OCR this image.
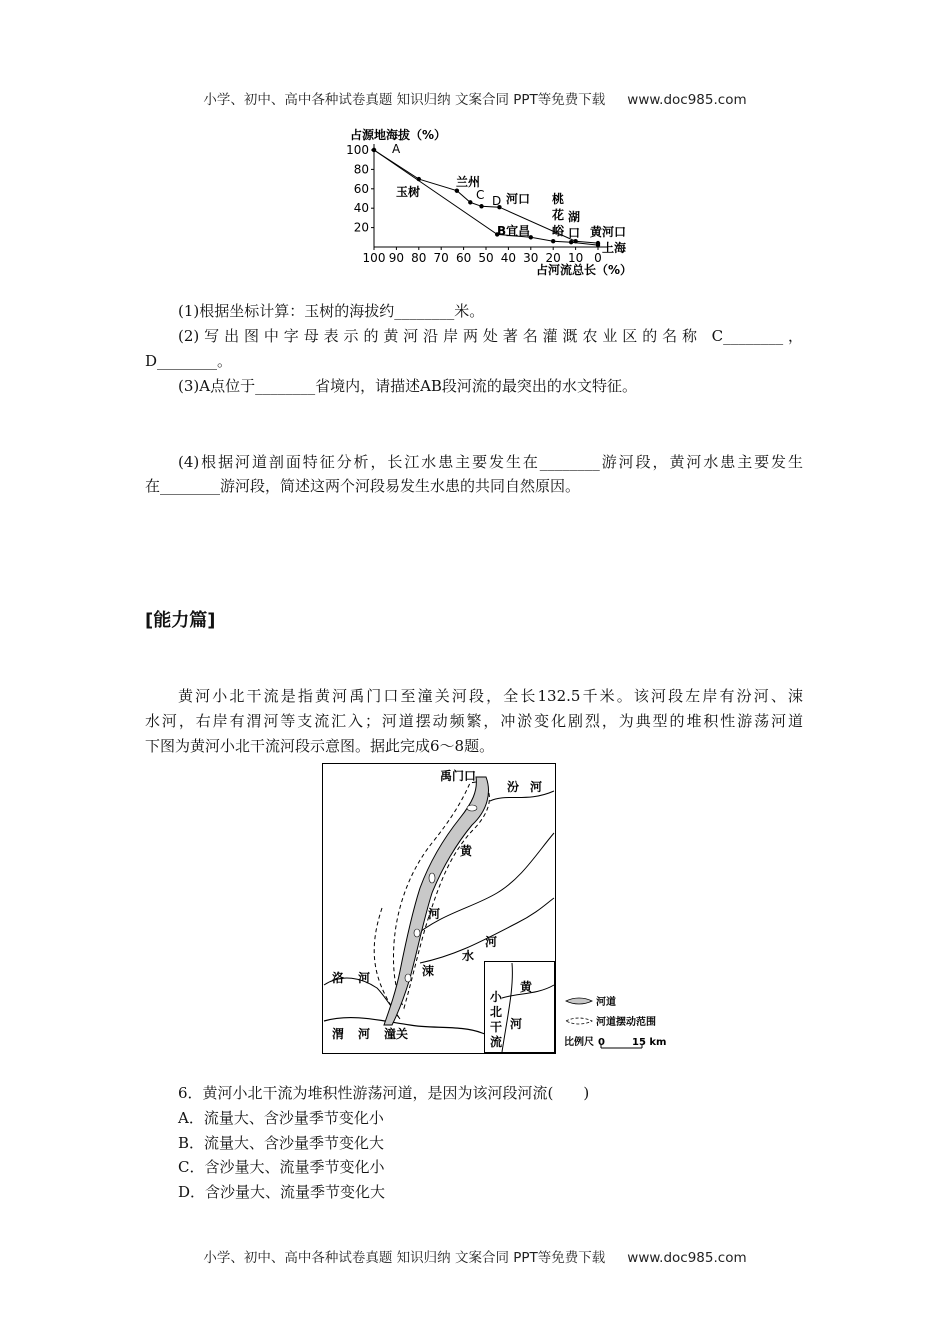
小学、初中、高中各种试卷真题 知识归纳 文案合同 PPT等免费下载 www.doc985.com
占源地海拔（%）
100
80
60
40
20
100 90 80 70 60 50 40 30 20 10 0
A
玉树
兰州
C D 河口 桃
花
峪
湖
口
B宜昌	黄河口
上海
占河流总长（%）
(1)根据坐标计算：玉树的海拔约________米。
(2)写出图中字母表示的黄河沿岸两处著名灌溉农业区的名称 C________，
D________。
(3)A点位于________省境内，请描述AB段河流的最突出的水文特征。
(4)根据河道剖面特征分析，长江水患主要发生在________游河段，黄河水患主要发生
在________游河段，简述这两个河段易发生水患的共同自然原因。
[能力篇]
黄河小北干流是指黄河禹门口至潼关河段，全长132.5千米。该河段左岸有汾河、涑
水河，右岸有渭河等支流汇入；河道摆动频繁，冲淤变化剧烈，为典型的堆积性游荡河道
下图为黄河小北干流河段示意图。据此完成6～8题。
禹门口
汾 河
黄
河
河
水
涑
洛 河
渭 河 潼关
黄
河
小
北
干
流
河道
河道摆动范围
比例尺 0	15 km
6．黄河小北干流为堆积性游荡河道，是因为该河段河流(　　)
A．流量大、含沙量季节变化小
B．流量大、含沙量季节变化大
C．含沙量大、流量季节变化小
D．含沙量大、流量季节变化大
小学、初中、高中各种试卷真题 知识归纳 文案合同 PPT等免费下载 www.doc985.com
